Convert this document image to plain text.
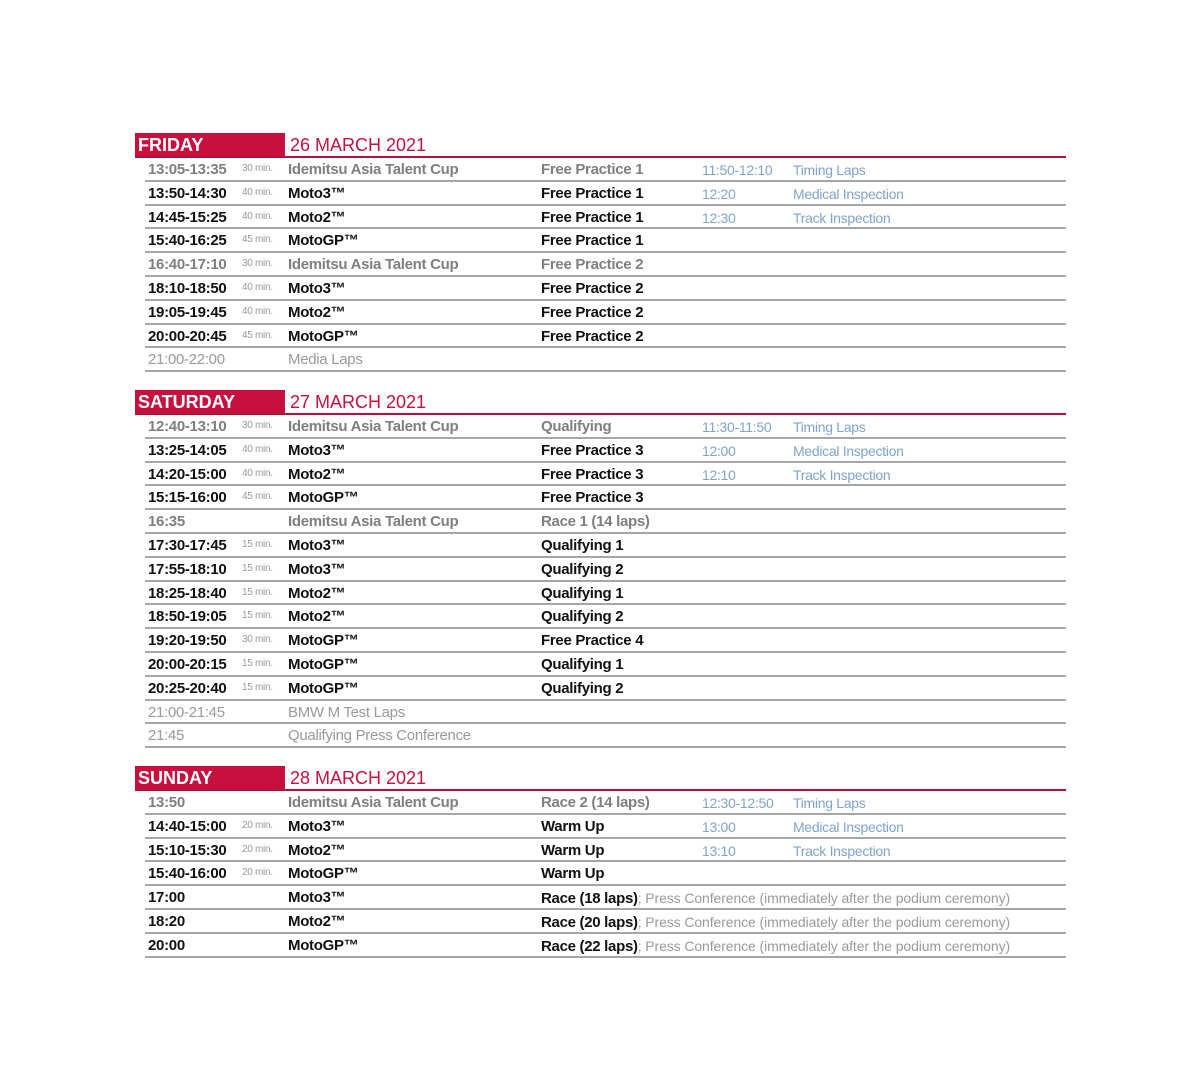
FRIDAY	26 MARCH 2021
13:05-13:35 30 min. Idemitsu Asia Talent Cup	Free Practice 1	11:50-12:10 Timing Laps
13:50-14:30 40 min. Moto3™	Free Practice 1	12:20	Medical Inspection
14:45-15:25 40 min. Moto2™	Free Practice 1	12:30	Track Inspection
15:40-16:25 45 min. MotoGP™	Free Practice 1
16:40-17:10 30 min. Idemitsu Asia Talent Cup	Free Practice 2
18:10-18:50 40 min. Moto3™	Free Practice 2
19:05-19:45 40 min. Moto2™	Free Practice 2
20:00-20:45 45 min. MotoGP™	Free Practice 2
21:00-22:00	Media Laps
SATURDAY	27 MARCH 2021
12:40-13:10 30 min. Idemitsu Asia Talent Cup	Qualifying	11:30-11:50 Timing Laps
13:25-14:05 40 min. Moto3™	Free Practice 3	12:00	Medical Inspection
14:20-15:00 40 min. Moto2™	Free Practice 3	12:10	Track Inspection
15:15-16:00 45 min. MotoGP™	Free Practice 3
16:35	Idemitsu Asia Talent Cup	Race 1 (14 laps)
17:30-17:45 15 min. Moto3™	Qualifying 1
17:55-18:10 15 min. Moto3™	Qualifying 2
18:25-18:40 15 min. Moto2™	Qualifying 1
18:50-19:05 15 min. Moto2™	Qualifying 2
19:20-19:50 30 min. MotoGP™	Free Practice 4
20:00-20:15 15 min. MotoGP™	Qualifying 1
20:25-20:40 15 min. MotoGP™	Qualifying 2
21:00-21:45	BMW M Test Laps
21:45	Qualifying Press Conference
SUNDAY	28 MARCH 2021
13:50	Idemitsu Asia Talent Cup	Race 2 (14 laps)	12:30-12:50 Timing Laps
14:40-15:00 20 min. Moto3™	Warm Up	13:00	Medical Inspection
15:10-15:30 20 min. Moto2™	Warm Up	13:10	Track Inspection
15:40-16:00 20 min. MotoGP™	Warm Up
17:00	Moto3™	Race (18 laps); Press Conference (immediately after the podium ceremony)
18:20	Moto2™	Race (20 laps); Press Conference (immediately after the podium ceremony)
20:00	MotoGP™	Race (22 laps); Press Conference (immediately after the podium ceremony)
